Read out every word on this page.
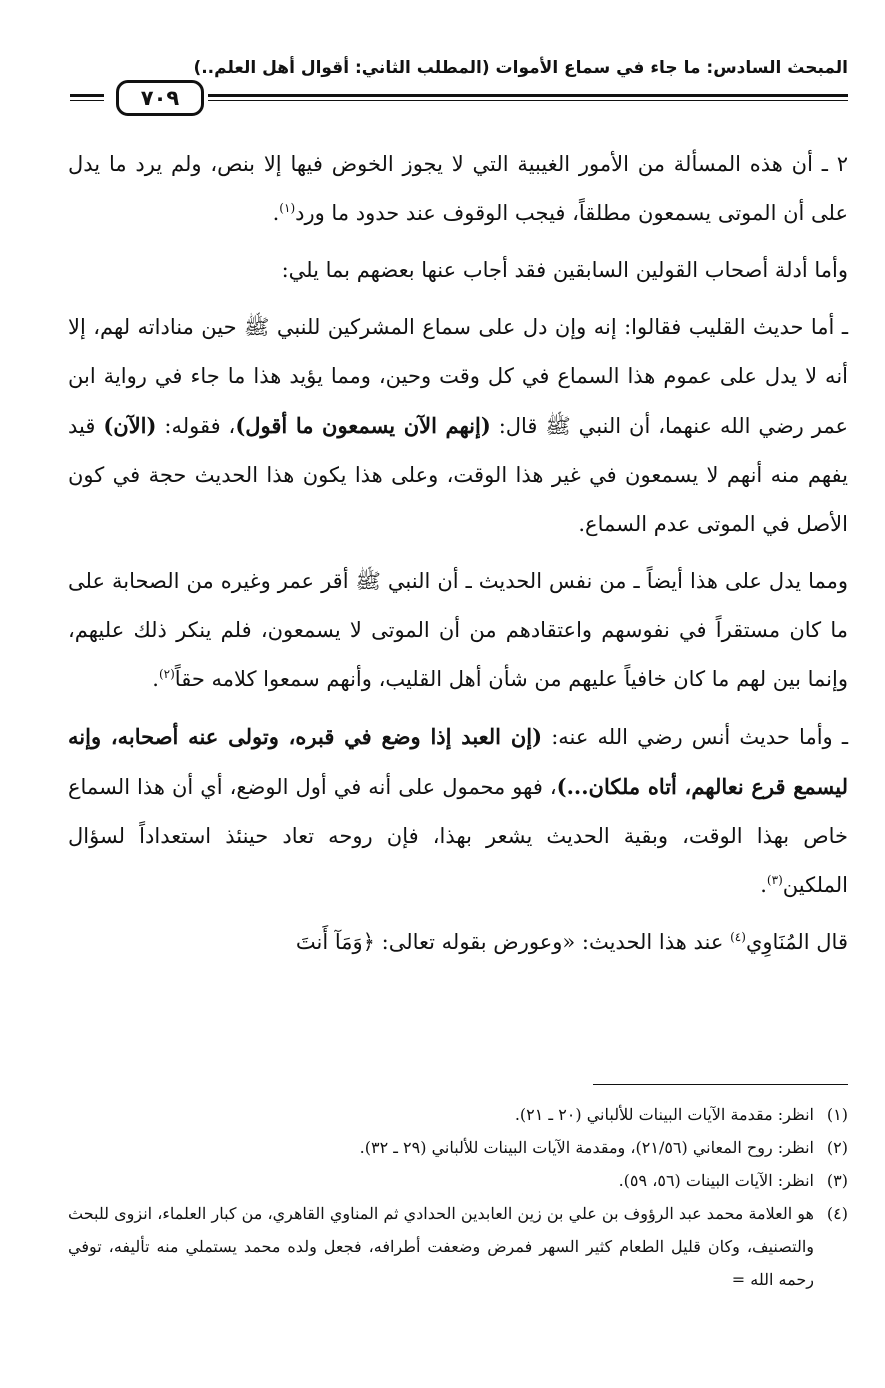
المبحث السادس: ما جاء في سماع الأموات (المطلب الثاني: أقوال أهل العلم..)
٧٠٩

٢ ـ أن هذه المسألة من الأمور الغيبية التي لا يجوز الخوض فيها إلا بنص، ولم يرد ما يدل على أن الموتى يسمعون مطلقاً، فيجب الوقوف عند حدود ما ورد$^{(١)}$.

وأما أدلة أصحاب القولين السابقين فقد أجاب عنها بعضهم بما يلي:

ـ أما حديث القليب فقالوا: إنه وإن دل على سماع المشركين للنبي ﷺ حين مناداته لهم، إلا أنه لا يدل على عموم هذا السماع في كل وقت وحين، ومما يؤيد هذا ما جاء في رواية ابن عمر رضي الله عنهما، أن النبي ﷺ قال: (إنهم الآن يسمعون ما أقول)، فقوله: (الآن) قيد يفهم منه أنهم لا يسمعون في غير هذا الوقت، وعلى هذا يكون هذا الحديث حجة في كون الأصل في الموتى عدم السماع.

ومما يدل على هذا أيضاً ـ من نفس الحديث ـ أن النبي ﷺ أقر عمر وغيره من الصحابة على ما كان مستقراً في نفوسهم واعتقادهم من أن الموتى لا يسمعون، فلم ينكر ذلك عليهم، وإنما بين لهم ما كان خافياً عليهم من شأن أهل القليب، وأنهم سمعوا كلامه حقاً$^{(٢)}$.

ـ وأما حديث أنس رضي الله عنه: (إن العبد إذا وضع في قبره، وتولى عنه أصحابه، وإنه ليسمع قرع نعالهم، أتاه ملكان...)، فهو محمول على أنه في أول الوضع، أي أن هذا السماع خاص بهذا الوقت، وبقية الحديث يشعر بهذا، فإن روحه تعاد حينئذ استعداداً لسؤال الملكين$^{(٣)}$.

قال المُنَاوِي$^{(٤)}$ عند هذا الحديث: «وعورض بقوله تعالى: ﴿وَمَآ أَنتَ

(١)
انظر: مقدمة الآيات البينات للألباني (٢٠ ـ ٢١).
(٢)
انظر: روح المعاني (٢١/٥٦)، ومقدمة الآيات البينات للألباني (٢٩ ـ ٣٢).
(٣)
انظر: الآيات البينات (٥٦، ٥٩).
(٤)
هو العلامة محمد عبد الرؤوف بن علي بن زين العابدين الحدادي ثم المناوي القاهري، من كبار العلماء، انزوى للبحث والتصنيف، وكان قليل الطعام كثير السهر فمرض وضعفت أطرافه، فجعل ولده محمد يستملي منه تأليفه، توفي رحمه الله =
